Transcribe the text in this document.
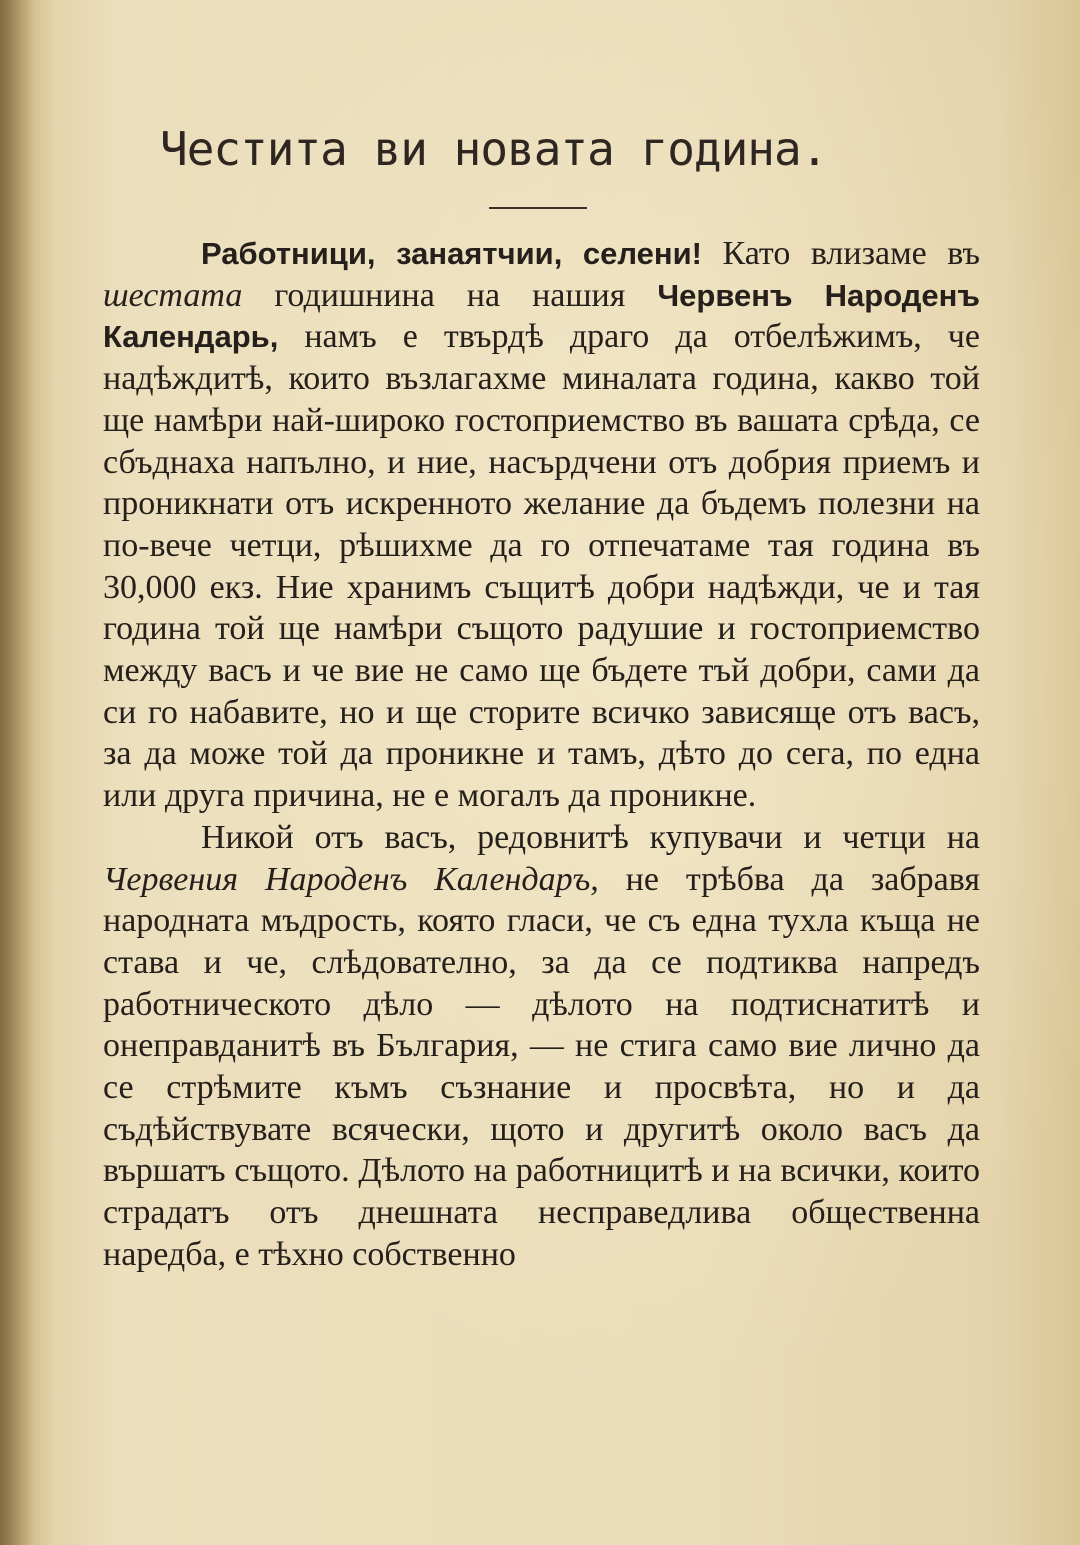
Честита ви новата година.

Работници, занаятчии, селени! Като влизаме въ шестата годишнина на нашия Червенъ Народенъ Календарь, намъ е твърдѣ драго да отбелѣжимъ, че надѣждитѣ, които възлагахме миналата година, какво той ще намѣри най-широко гостоприемство въ вашата срѣда, се сбъднаха напълно, и ние, насърдчени отъ добрия приемъ и проникнати отъ искренното желание да бъдемъ полезни на по-вече четци, рѣшихме да го отпечатаме тая година въ 30,000 екз. Ние хранимъ същитѣ добри надѣжди, че и тая година той ще намѣри същото радушие и гостоприемство между васъ и че вие не само ще бъдете тъй добри, сами да си го набавите, но и ще сторите всичко зависяще отъ васъ, за да може той да проникне и тамъ, дѣто до сега, по една или друга причина, не е могалъ да проникне.

Никой отъ васъ, редовнитѣ купувачи и четци на Червения Народенъ Календаръ, не трѣбва да забравя народната мъдрость, която гласи, че съ една тухла къща не става и че, слѣдователно, за да се подтиква напредъ работническото дѣло — дѣлото на подтиснатитѣ и онеправданитѣ въ България, — не стига само вие лично да се стрѣмите къмъ съзнание и просвѣта, но и да съдѣйствувате всячески, щото и другитѣ около васъ да вършатъ същото. Дѣлото на работницитѣ и на всички, които страдатъ отъ днешната несправедлива общественна наредба, е тѣхно собственно
